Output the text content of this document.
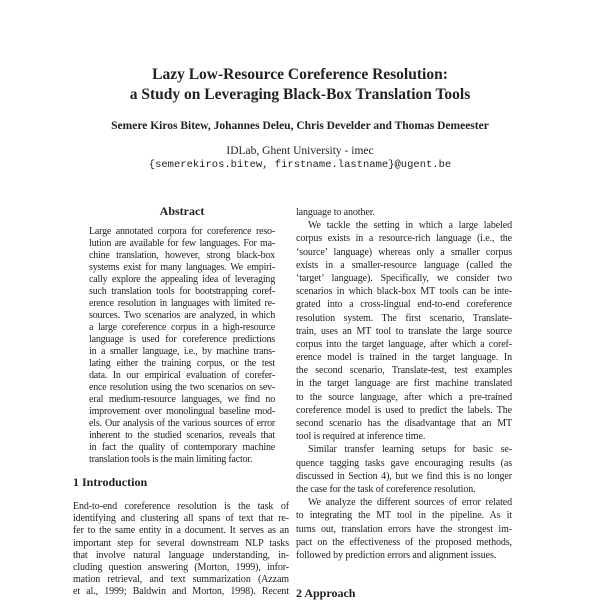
Lazy Low-Resource Coreference Resolution:
a Study on Leveraging Black-Box Translation Tools
Semere Kiros Bitew, Johannes Deleu, Chris Develder and Thomas Demeester
IDLab, Ghent University - imec
{semerekiros.bitew, firstname.lastname}@ugent.be
Abstract
Large annotated corpora for coreference reso-
lution are available for few languages. For ma-
chine translation, however, strong black-box
systems exist for many languages. We empiri-
cally explore the appealing idea of leveraging
such translation tools for bootstrapping coref-
erence resolution in languages with limited re-
sources. Two scenarios are analyzed, in which
a large coreference corpus in a high-resource
language is used for coreference predictions
in a smaller language, i.e., by machine trans-
lating either the training corpus, or the test
data. In our empirical evaluation of corefer-
ence resolution using the two scenarios on sev-
eral medium-resource languages, we find no
improvement over monolingual baseline mod-
els. Our analysis of the various sources of error
inherent to the studied scenarios, reveals that
in fact the quality of contemporary machine
translation tools is the main limiting factor.
1 Introduction
End-to-end coreference resolution is the task of
identifying and clustering all spans of text that re-
fer to the same entity in a document. It serves as an
important step for several downstream NLP tasks
that involve natural language understanding, in-
cluding question answering (Morton, 1999), infor-
mation retrieval, and text summarization (Azzam
et al., 1999; Baldwin and Morton, 1998). Recent
language to another.
We tackle the setting in which a large labeled
corpus exists in a resource-rich language (i.e., the
‘source’ language) whereas only a smaller corpus
exists in a smaller-resource language (called the
‘target’ language). Specifically, we consider two
scenarios in which black-box MT tools can be inte-
grated into a cross-lingual end-to-end coreference
resolution system. The first scenario, Translate-
train, uses an MT tool to translate the large source
corpus into the target language, after which a coref-
erence model is trained in the target language. In
the second scenario, Translate-test, test examples
in the target language are first machine translated
to the source language, after which a pre-trained
coreference model is used to predict the labels. The
second scenario has the disadvantage that an MT
tool is required at inference time.
Similar transfer learning setups for basic se-
quence tagging tasks gave encouraging results (as
discussed in Section 4), but we find this is no longer
the case for the task of coreference resolution.
We analyze the different sources of error related
to integrating the MT tool in the pipeline. As it
turns out, translation errors have the strongest im-
pact on the effectiveness of the proposed methods,
followed by prediction errors and alignment issues.
2 Approach
